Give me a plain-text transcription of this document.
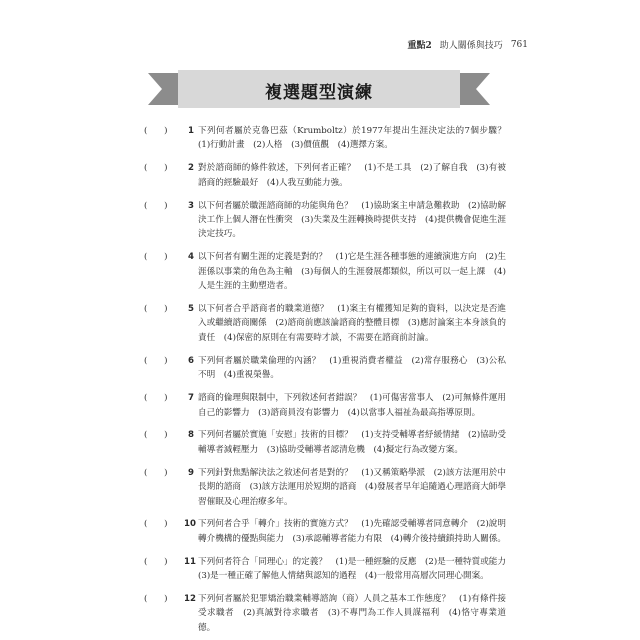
重點2 助人關係與技巧 761
複選題型演練
( )	1 下列何者屬於克魯巴茲（Krumboltz）於1977年提出生涯決定法的7個步驟？ (1)行動計畫　(2)人格　(3)價值觀　(4)選擇方案。
( )	2 對於諮商師的條件敘述，下列何者正確？　(1)不是工具　(2)了解自我　(3)有被諮商的經驗最好　(4)人我互動能力強。
( )	3 以下何者屬於職涯諮商師的功能與角色？　(1)協助案主申請急難救助　(2)協助解決工作上個人潛在性衝突　(3)失業及生涯轉換時提供支持　(4)提供機會促進生涯決定技巧。
( )	4 以下何者有關生涯的定義是對的？　(1)它是生涯各種事態的連續演進方向　(2)生涯係以事業的角色為主軸　(3)每個人的生涯發展都類似，所以可以一起上課　(4)人是生涯的主動塑造者。
( )	5 以下何者合乎諮商者的職業道德？　(1)案主有權獲知足夠的資料，以決定是否進入或繼續諮商關係　(2)諮商前應該論諮商的整體目標　(3)應討論案主本身該負的責任　(4)保密的原則在有需要時才談，不需要在諮商前討論。
( )	6 下列何者屬於職業倫理的內涵？　(1)重視消費者權益　(2)常存服務心　(3)公私不明　(4)重視榮譽。
( )	7 諮商的倫理與限制中，下列敘述何者錯誤？　(1)可傷害當事人　(2)可無條件運用自己的影響力　(3)諮商員沒有影響力　(4)以當事人福祉為最高指導原則。
( )	8 下列何者屬於實施「安慰」技術的目標？　(1)支持受輔導者紓緩情緒　(2)協助受輔導者減輕壓力　(3)協助受輔導者認清危機　(4)擬定行為改變方案。
( )	9 下列針對焦點解決法之敘述何者是對的？　(1)又稱策略學派　(2)該方法運用於中長期的諮商　(3)該方法運用於短期的諮商　(4)發展者早年追隨過心理諮商大師學習催眠及心理治療多年。
( )	10 下列何者合乎「轉介」技術的實施方式？　(1)先確認受輔導者同意轉介　(2)說明轉介機構的優點與能力　(3)承認輔導者能力有限　(4)轉介後持續鎖持助人關係。
( )	11 下列何者符合「同理心」的定義？　(1)是一種經驗的反應　(2)是一種特質或能力　(3)是一種正確了解他人情緒與認知的過程　(4)一般常用高層次同理心開案。
( )	12 下列何者屬於犯罪矯治職業輔導諮詢（商）人員之基本工作態度？　(1)有條件接受求職者　(2)真誠對待求職者　(3)不專門為工作人員謀福利　(4)恪守專業道德。
